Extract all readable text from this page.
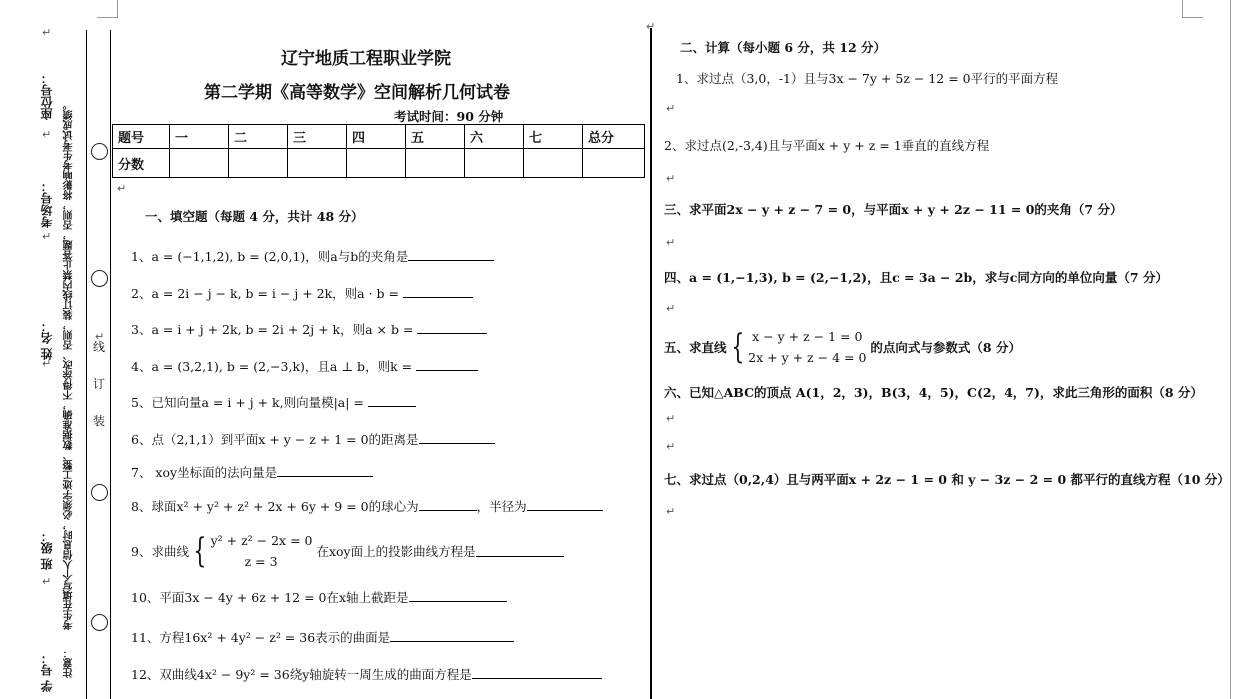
座位号：
考场号：
姓 名：
班 级：
学 号：
考生在填写个人信息时，必须字迹工整、数据准确，不得涂改、否则，装订线内禁止答题，否则，将影响考生考试成绩。
注意：
↵
↵
↵
↵
↵
↵
线
订
装
↵
辽宁地质工程职业学院
第二学期《高等数学》空间解析几何试卷
考试时间：90 分钟
题号	一	二	三	四	五	六	七	总分
分数								
↵
一、填空题（每题 4 分，共计 48 分）
1、a = (−1,1,2), b = (2,0,1)，则a与b的夹角是
2、a = 2i − j − k, b = i − j + 2k，则a · b =
3、a = i + j + 2k, b = 2i + 2j + k，则a × b =
4、a = (3,2,1), b = (2,−3,k)，且a ⊥ b，则k =
5、已知向量a = i + j + k,则向量模|a| =
6、点（2,1,1）到平面x + y − z + 1 = 0的距离是
7、 xoy坐标面的法向量是
8、球面x² + y² + z² + 2x + 6y + 9 = 0的球心为	，半径为
9、求曲线 { y² + z² − 2x = 0
z = 3在xoy面上的投影曲线方程是
10、平面3x − 4y + 6z + 12 = 0在x轴上截距是
11、方程16x² + 4y² − z² = 36表示的曲面是
12、双曲线4x² − 9y² = 36绕y轴旋转一周生成的曲面方程是
二、计算（每小题 6 分，共 12 分）
1、求过点（3,0，-1）且与3x − 7y + 5z − 12 = 0平行的平面方程
↵
2、求过点(2,-3,4)且与平面x + y + z = 1垂直的直线方程
↵
三、求平面2x − y + z − 7 = 0，与平面x + y + 2z − 11 = 0的夹角（7 分）
↵
四、a = (1,−1,3), b = (2,−1,2)，且c = 3a − 2b，求与c同方向的单位向量（7 分）
↵
五、求直线 { x − y + z − 1 = 0
2x + y + z − 4 = 0的点向式与参数式（8 分）
六、已知△ABC的顶点 A(1，2，3)，B(3，4，5)，C(2，4，7)，求此三角形的面积（8 分）
↵
↵
七、求过点（0,2,4）且与两平面x + 2z − 1 = 0 和 y − 3z − 2 = 0 都平行的直线方程（10 分）
↵
